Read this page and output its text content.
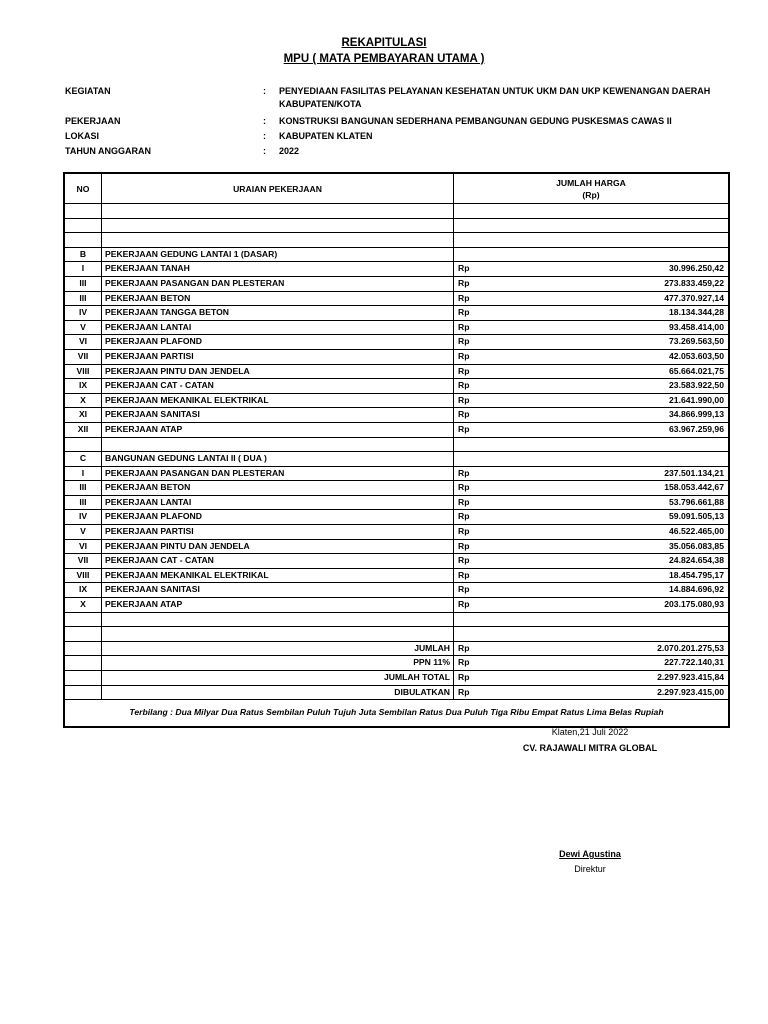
REKAPITULASI
MPU ( MATA PEMBAYARAN UTAMA )
KEGIATAN	: PENYEDIAAN FASILITAS PELAYANAN KESEHATAN UNTUK UKM DAN UKP KEWENANGAN DAERAH
KABUPATEN/KOTA
PEKERJAAN	: KONSTRUKSI BANGUNAN SEDERHANA PEMBANGUNAN GEDUNG PUSKESMAS CAWAS II
LOKASI	: KABUPATEN KLATEN
TAHUN ANGGARAN	: 2022
NO	URAIAN PEKERJAAN	JUMLAH HARGA
(Rp)

B	PEKERJAAN GEDUNG LANTAI 1 (DASAR)	
I	PEKERJAAN TANAH	Rp 30.996.250,42

III	PEKERJAAN PASANGAN DAN PLESTERAN	Rp 273.833.459,22

III	PEKERJAAN BETON	Rp 477.370.927,14

IV	PEKERJAAN TANGGA BETON	Rp 18.134.344,28

V	PEKERJAAN LANTAI	Rp 93.458.414,00

VI	PEKERJAAN PLAFOND	Rp 73.269.563,50

VII	PEKERJAAN PARTISI	Rp 42.053.603,50

VIII	PEKERJAAN PINTU DAN JENDELA	Rp 65.664.021,75

IX	PEKERJAAN CAT - CATAN	Rp 23.583.922,50

X	PEKERJAAN MEKANIKAL ELEKTRIKAL	Rp 21.641.990,00

XI	PEKERJAAN SANITASI	Rp 34.866.999,13

XII	PEKERJAAN ATAP	Rp 63.967.259,96

C	BANGUNAN GEDUNG LANTAI II ( DUA )	
I	PEKERJAAN PASANGAN DAN PLESTERAN	Rp 237.501.134,21

III	PEKERJAAN BETON	Rp 158.053.442,67

III	PEKERJAAN LANTAI	Rp 53.796.661,88

IV	PEKERJAAN PLAFOND	Rp 59.091.505,13

V	PEKERJAAN PARTISI	Rp 46.522.465,00

VI	PEKERJAAN PINTU DAN JENDELA	Rp 35.056.083,85

VII	PEKERJAAN CAT - CATAN	Rp 24.824.654,38

VIII	PEKERJAAN MEKANIKAL ELEKTRIKAL	Rp 18.454.795,17

IX	PEKERJAAN SANITASI	Rp 14.884.696,92

X	PEKERJAAN ATAP	Rp 203.175.080,93

	JUMLAH	Rp 2.070.201.275,53

	PPN 11%	Rp 227.722.140,31

	JUMLAH TOTAL	Rp 2.297.923.415,84

	DIBULATKAN	Rp 2.297.923.415,00

Terbilang : Dua Milyar Dua Ratus Sembilan Puluh Tujuh Juta Sembilan Ratus Dua Puluh Tiga Ribu Empat Ratus Lima Belas Rupiah		
Klaten,21 Juli 2022
CV. RAJAWALI MITRA GLOBAL
Dewi Agustina
Direktur
